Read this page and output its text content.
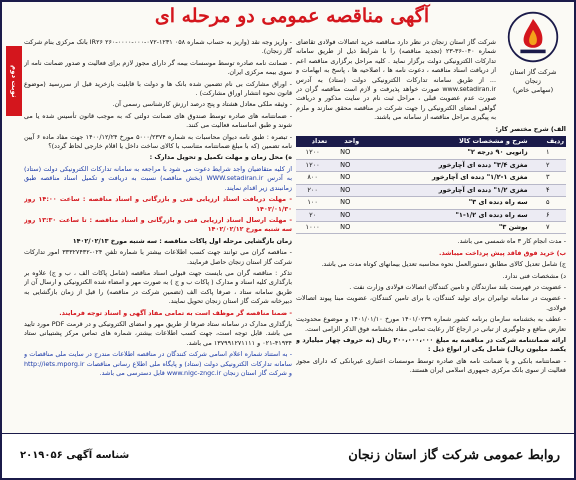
آگهی مناقصه عمومی دو مرحله ای
نوبت دوم	شرکت گاز استان زنجان
(سهامی خاص)

شرکت گاز استان زنجان در نظر دارد مناقصه خرید اتصالات فولادی تقاضای شماره ۰۴۰-۳۶-۲۳ (تجدید مناقصه) را با شرایط ذیل از طریق سامانه تدارکات الکترونیکی دولت برگزار نماید . کلیه مراحل برگزاری مناقصه اعم از دریافت اسناد مناقصه ، دعوت نامه ها ، اصلاحیه ها ، پاسخ به ابهامات و ... از طریق سامانه تدارکات الکترونیکی دولت (ستاد) به آدرس www.setadiran.ir صورت خواهد پذیرفت و لازم است مناقصه گران در صورت عدم عضویت قبلی ، مراحل ثبت نام در سایت مذکور و دریافت گواهی امضای الکترونیکی را جهت شرکت در مناقصه محقق سازند و ملزم به پیگیری مراحل مناقصه از سامانه می باشند.

الف) شرح مختصر کار:
ردیف	شرح و مشخصات کالا	واحد	تعداد
۱	زانویی ۹۰ درجه ۲"	NO	۱۲۰۰
۲	مغزی ۳/۴" دنده ای آچارخور	NO	۱۲۰۰
۳	مغزی ۱-۱/۲" دنده ای آچارخور	NO	۸۰۰
۴	مغزی ۱/۲" دنده ای آچارخور	NO	۲۰۰
۵	سه راه دنده ای ۳"	NO	۱۰۰
۶	سه راه دنده ای ۱/۲-۱"	NO	۲۰
۷	بوشن ۳"	NO	۱۰۰۰

- مدت انجام کار ۳ ماه شمسی می باشد.

ب) خرید فوق فاقد پیش پرداخت میباشد.

ج) شامل تعدیل کالای مطابق دستورالعمل نحوه محاسبه تعدیل بیمانهای کوتاه مدت می باشد.

د) مشخصات فنی ندارد.

- عضویت در فهرست بلند سازندگان و تامین کنندگان اتصالات فولادی وزارت نفت .

- عضویت در سامانه توانیران برای تولید کنندگان، یا برای تامین کنندگان، عضویت مبنا پیوند اتصالات فولادی.

- عطف به بخشنامه سازمان برنامه کشور شماره ۱۴۰۱/۰۲۳۹ مورخ ۱۴۰۱/۰۱/۱۰ و موضوع محدودیت تعارض منافع و جلوگیری از تبانی در ارجاع کار رعایت تمامی مفاد بخشنامه فوق الذکر الزامی است.

ارائه ضمانتنامه شرکت در مناقصه به مبلغ ۲۰۰،۰۰۰،۰۰۰ ریال (به حروف چهار میلیارد و یکصد میلیون ریال) شامل یکی از انواع ذیل :

- ضمانتنامه بانکی و یا ضمانت نامه های صادره توسط موسسات اعتباری غیربانکی که دارای مجوز فعالیت از سوی بانک مرکزی جمهوری اسلامی ایران هستند.

- واریز وجه نقد (واریز به حساب شماره ۰۵۸ ۱۲۳۱-۰۷۲-۰۰۰-۰۰۰۰-۲۶۰ IR۲۶ بانک مرکزی بنام شرکت گاز زنجان).

- ضمانت نامه صادره توسط موسسات بیمه گر دارای مجوز لازم برای فعالیت و صدور ضمانت نامه از سوی بیمه مرکزی ایران.

- اوراق مشارکت بی نام تضمین شده بانک ها و دولت با قابلیت بازخرید قبل از سررسید (موضوع قانون نحوه انتشار اوراق مشارکت) .

- وثیقه ملکی معادل هشتاد و پنج درصد ارزش کارشناسی رسمی آن.

- ضمانتنامه های صادره توسط صندوق های ضمانت دولتی که به موجب قانون تأسیس شده یا می شوند و طبق اساسنامه فعالیت می کنند.

- تبصره : طبق نامه دیوان محاسبات به شماره ۵۰۰۰/۲۳۷۴ مورخ ۱۴۰۰/۱۲/۲۴ جهت مفاد ماده ۶ آیین نامه تضمین (که با مبلغ ضمانتنامه متناسب با کالای ساخت داخل یا اقلام خارجی لحاظ گردد)؟

ه) محل زمان و مهلت تکمیل و تحویل مدارک :

از کلیه متقاضیان واجد شرایط دعوت می شود با مراجعه به سامانه تدارکات الکترونیکی دولت (ستاد) به آدرس WWW.setadiran.ir (بخش مناقصه) نسبت به دریافت و تکمیل اسناد مناقصه طبق زمانبندی زیر اقدام نمایند.

- مهلت دریافت اسناد ارزیابی فنی و بازرگانی و اسناد مناقصه : ساعت ۱۴:۰۰ روز ۱۴۰۲/۰۱/۳۰

- مهلت ارسال اسناد ارزیابی فنی و بازرگانی و اسناد مناقصه : تا ساعت ۱۳:۳۰ روز سه شنبه مورخ ۱۴۰۲/۰۲/۱۲

زمان بازگشایی مرحله اول پاکات مناقصه : سه شنبه مورخ ۱۴۰۲/۰۲/۱۳

- مناقصه گران می توانند جهت کسب اطلاعات بیشتر با شماره تلفن ۰۲۴-۳۳۳۲۷۴۳۲ امور تدارکات شرکت گاز استان زنجان حاصل فرمایند.

تذکر : مناقصه گران می بایست جهت قبولی اسناد مناقصه (شامل پاکات الف ، ب و ج) علاوه بر بارگذاری کلیه اسناد و مدارک ( پاکات ب و ج ) به صورت مهر و امضاء شده الکترونیکی و ارسال آن از طریق سامانه ستاد ، صرفا پاکت الف (تضمین شرکت در مناقصه) را قبل از زمان بازگشایی به دبیرخانه شرکت گاز استان زنجان تحویل نمایند.

- ضمنا مناقصه گر موظف است به تمامی مفاد آگهی و اسناد توجه فرمایند.

بارگذاری مدارک در سامانه ستاد صرفا از طریق مهر و امضای الکترونیکی و در قرمت PDF مورد تایید می باشد. قابل توجه است، جهت کسب اطلاعات بیشتر، شماره های تماس مرکز پشتیبانی ستاد ۴۱۹۳۴-۰۲۱ و ۱۳۷۹۹۱۲۷۱۱۱۱ می باشد.

- به استناد شماره اعلام اسامی شرکت کنندگان در مناقصه اطلاعات مندرج در سایت ملی مناقصات و سامانه تدارکات الکترونیکی دولت (ستاد) و پایگاه ملی اطلاع رسانی مناقصات http://iets.mporg.ir و شرکت گاز استان زنجان www.nigc-zngc.ir قابل دسترسی می باشد.

روابط عمومی شرکت گاز استان زنجان
شناسه آگهی ۲۰۱۹۰۵۶
